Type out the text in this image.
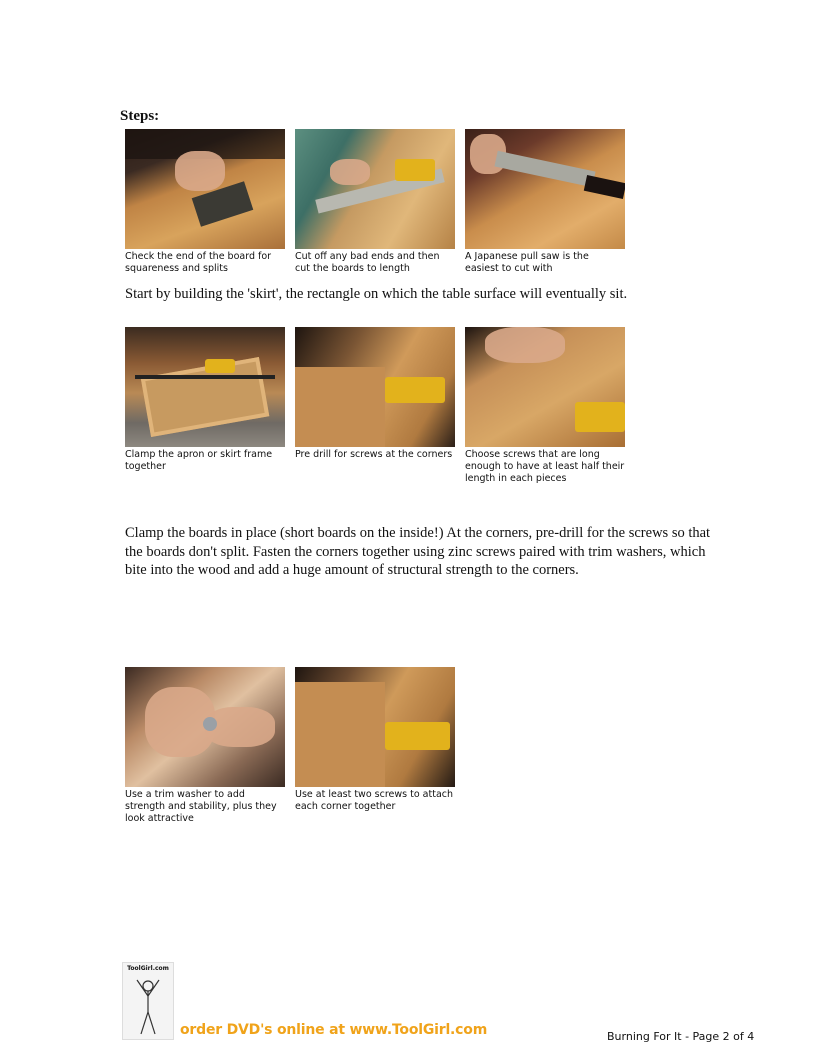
Steps:
Check the end of the board for squareness and splits
Cut off any bad ends and then cut the boards to length
A Japanese pull saw is the easiest to cut with
Start by building the 'skirt', the rectangle on which the table surface will eventually sit.
Clamp the apron or skirt frame together
Pre drill for screws at the corners Choose screws that are long enough to have at least half their length in each pieces
Clamp the boards in place (short boards on the inside!) At the corners, pre-drill for the screws so that the boards don't split. Fasten the corners together using zinc screws paired with trim washers, which bite into the wood and add a huge amount of structural strength to the corners.
Use a trim washer to add strength and stability, plus they look attractive
Use at least two screws to attach each corner together
ToolGirl.com
order DVD's online at www.ToolGirl.com	Burning For It - Page 2 of 4
